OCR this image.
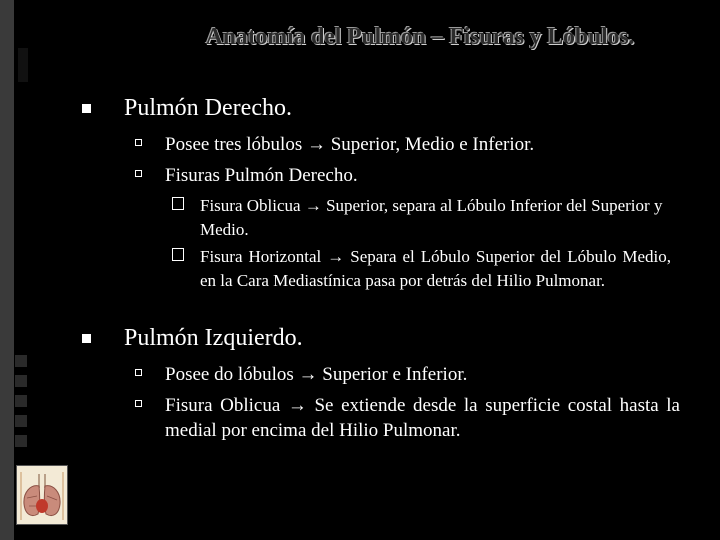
Anatomía del Pulmón – Fisuras y Lóbulos.
Pulmón Derecho.
Posee tres lóbulos → Superior, Medio e Inferior.
Fisuras Pulmón Derecho.
Fisura Oblicua → Superior, separa al Lóbulo Inferior del Superior y Medio.
Fisura Horizontal → Separa el Lóbulo Superior del Lóbulo Medio, en la Cara Mediastínica pasa por detrás del Hilio Pulmonar.
Pulmón Izquierdo.
Posee do lóbulos → Superior e Inferior.
Fisura Oblicua → Se extiende desde la superficie costal hasta la medial por encima del Hilio Pulmonar.
